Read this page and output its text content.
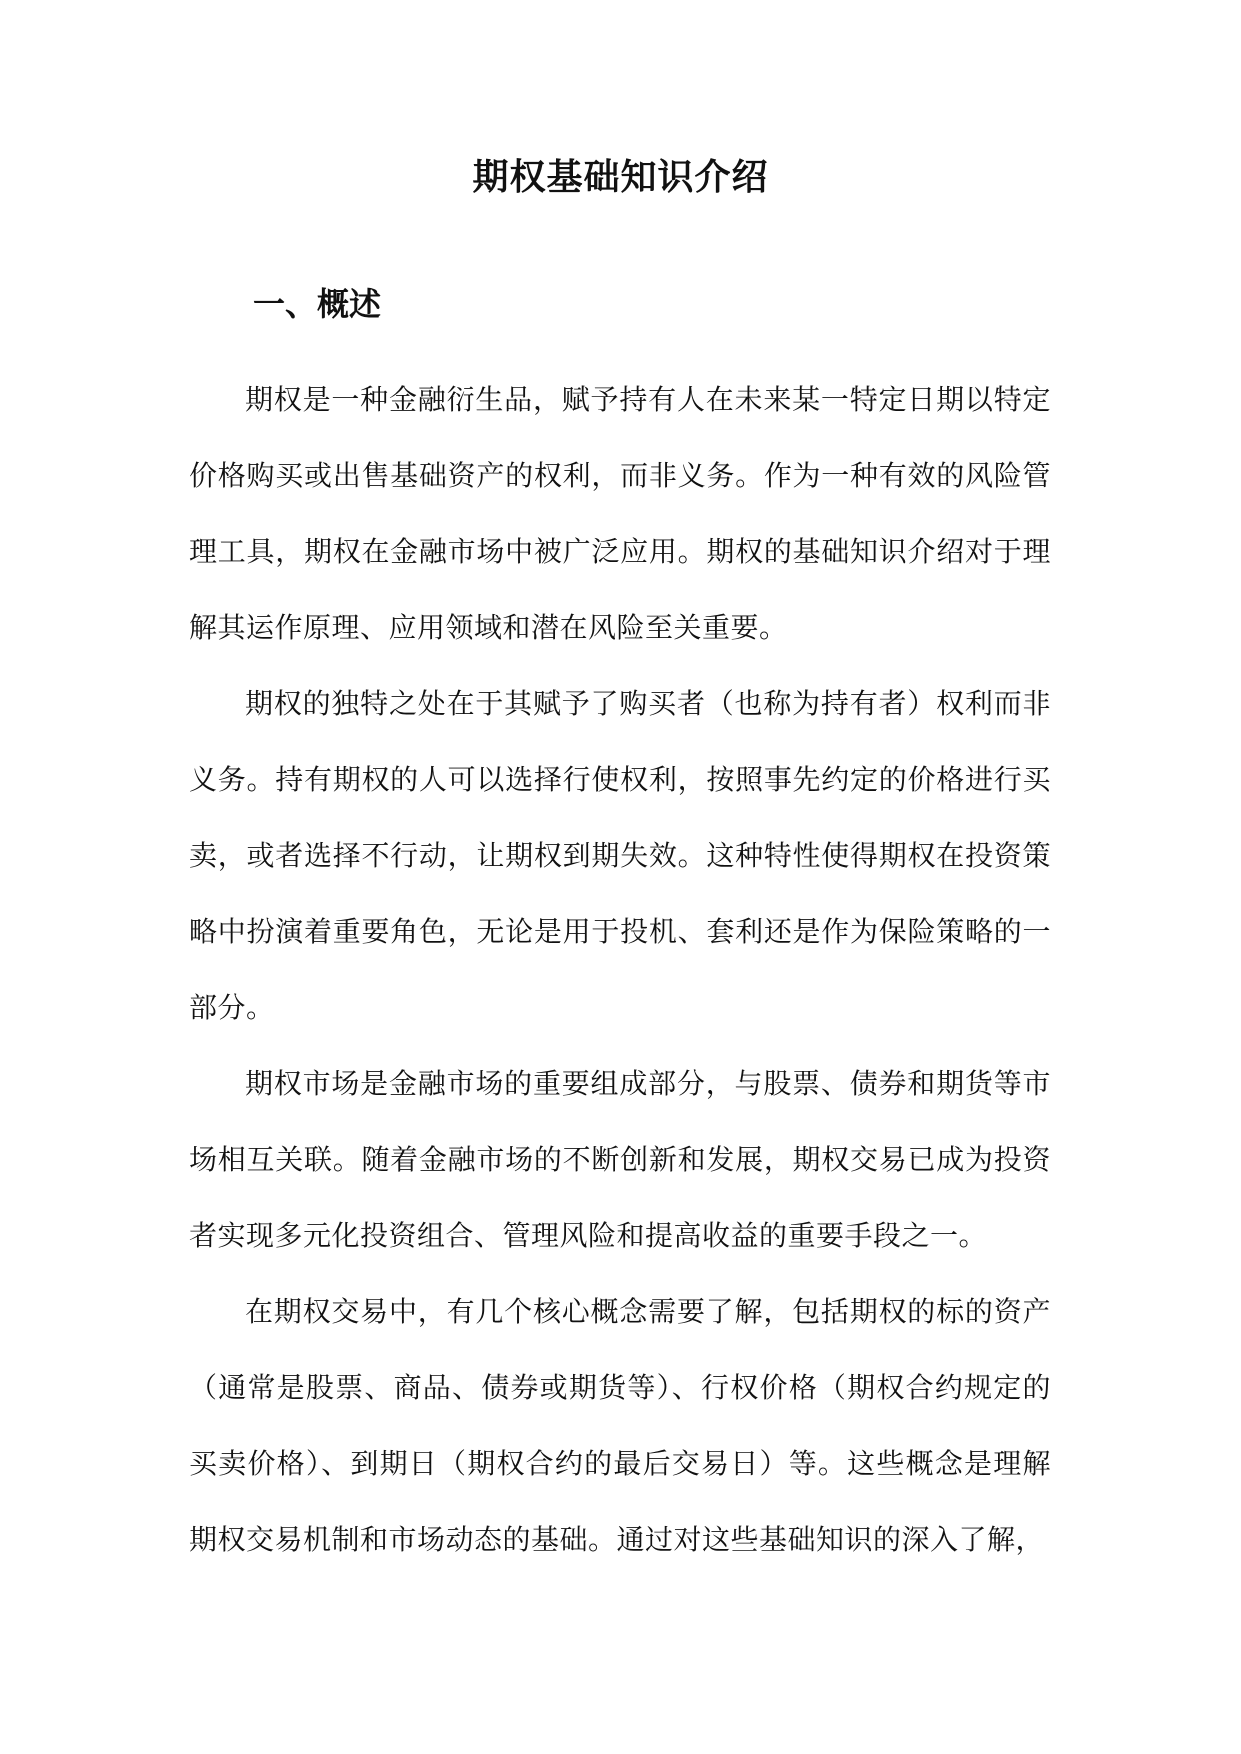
期权基础知识介绍
一、概述

期权是一种金融衍生品，赋予持有人在未来某一特定日期以特定价格购买或出售基础资产的权利，而非义务。作为一种有效的风险管理工具，期权在金融市场中被广泛应用。期权的基础知识介绍对于理解其运作原理、应用领域和潜在风险至关重要。

期权的独特之处在于其赋予了购买者（也称为持有者）权利而非义务。持有期权的人可以选择行使权利，按照事先约定的价格进行买卖，或者选择不行动，让期权到期失效。这种特性使得期权在投资策略中扮演着重要角色，无论是用于投机、套利还是作为保险策略的一部分。

期权市场是金融市场的重要组成部分，与股票、债券和期货等市场相互关联。随着金融市场的不断创新和发展，期权交易已成为投资者实现多元化投资组合、管理风险和提高收益的重要手段之一。

在期权交易中，有几个核心概念需要了解，包括期权的标的资产（通常是股票、商品、债券或期货等）、行权价格（期权合约规定的买卖价格）、到期日（期权合约的最后交易日）等。这些概念是理解期权交易机制和市场动态的基础。通过对这些基础知识的深入了解，
